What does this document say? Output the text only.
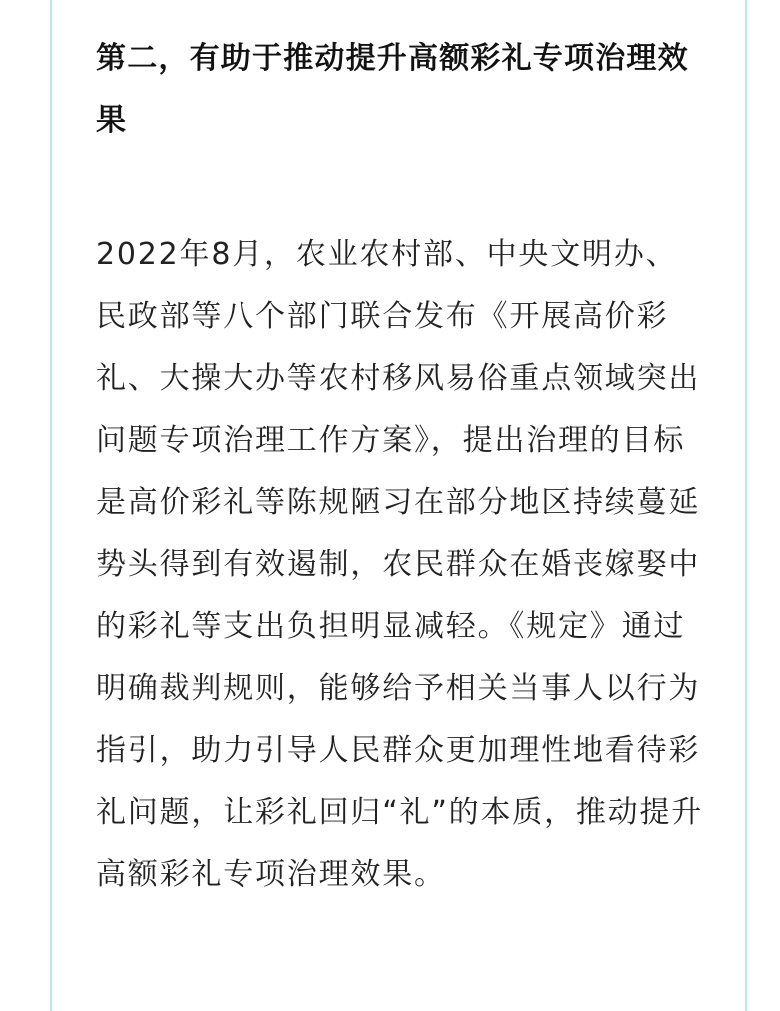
第二，有助于推动提升高额彩礼专项治理效果

2022年8月，农业农村部、中央文明办、民政部等八个部门联合发布《开展高价彩礼、大操大办等农村移风易俗重点领域突出问题专项治理工作方案》，提出治理的目标是高价彩礼等陈规陋习在部分地区持续蔓延势头得到有效遏制，农民群众在婚丧嫁娶中的彩礼等支出负担明显减轻。《规定》通过明确裁判规则，能够给予相关当事人以行为指引，助力引导人民群众更加理性地看待彩礼问题，让彩礼回归“礼”的本质，推动提升高额彩礼专项治理效果。
